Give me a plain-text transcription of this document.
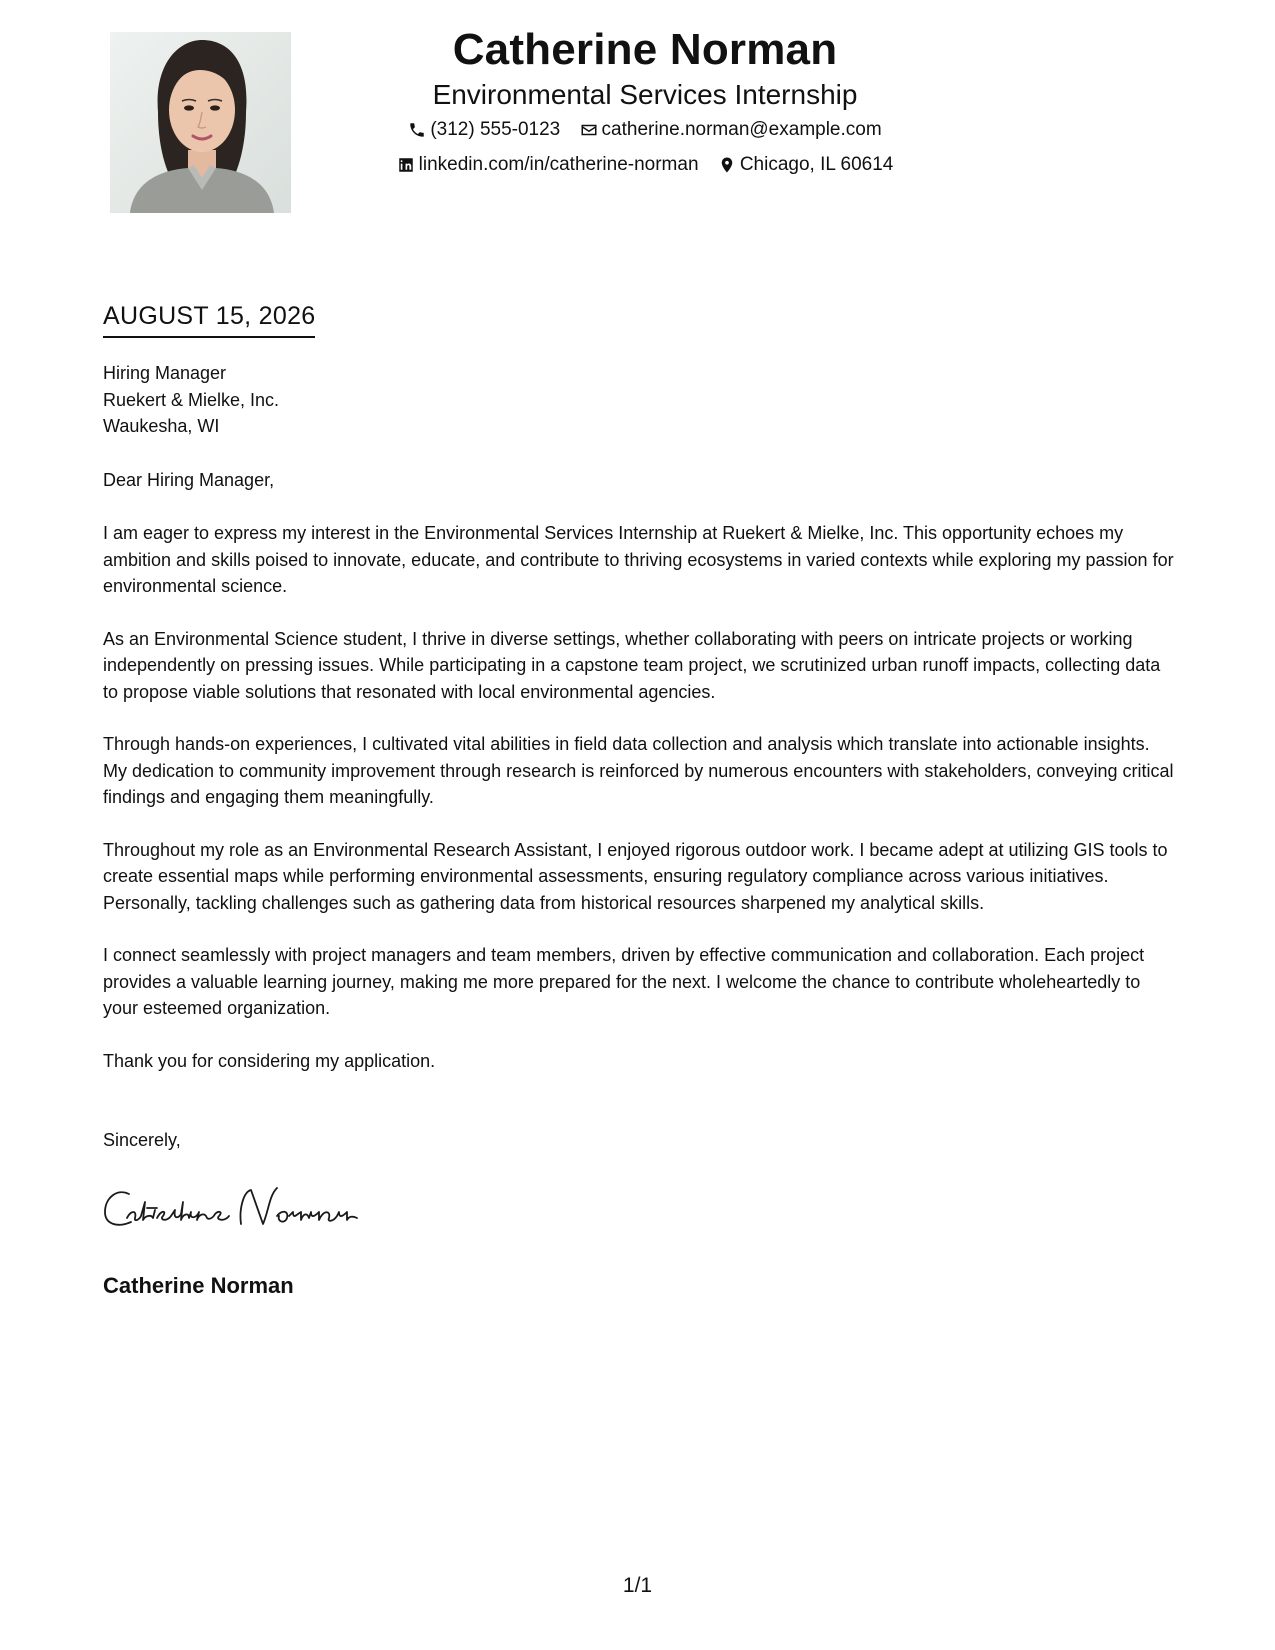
Catherine Norman
Environmental Services Internship
(312) 555-0123
catherine.norman@example.com
linkedin.com/in/catherine-norman
Chicago, IL 60614
AUGUST 15, 2026
Hiring Manager
Ruekert & Mielke, Inc.
Waukesha, WI
Dear Hiring Manager,

I am eager to express my interest in the Environmental Services Internship at Ruekert & Mielke, Inc. This opportunity echoes my ambition and skills poised to innovate, educate, and contribute to thriving ecosystems in varied contexts while exploring my passion for environmental science.

As an Environmental Science student, I thrive in diverse settings, whether collaborating with peers on intricate projects or working independently on pressing issues. While participating in a capstone team project, we scrutinized urban runoff impacts, collecting data to propose viable solutions that resonated with local environmental agencies.

Through hands-on experiences, I cultivated vital abilities in field data collection and analysis which translate into actionable insights. My dedication to community improvement through research is reinforced by numerous encounters with stakeholders, conveying critical findings and engaging them meaningfully.

Throughout my role as an Environmental Research Assistant, I enjoyed rigorous outdoor work. I became adept at utilizing GIS tools to create essential maps while performing environmental assessments, ensuring regulatory compliance across various initiatives. Personally, tackling challenges such as gathering data from historical resources sharpened my analytical skills.

I connect seamlessly with project managers and team members, driven by effective communication and collaboration. Each project provides a valuable learning journey, making me more prepared for the next. I welcome the chance to contribute wholeheartedly to your esteemed organization.

Thank you for considering my application.

Sincerely,
Catherine Norman
1/1
